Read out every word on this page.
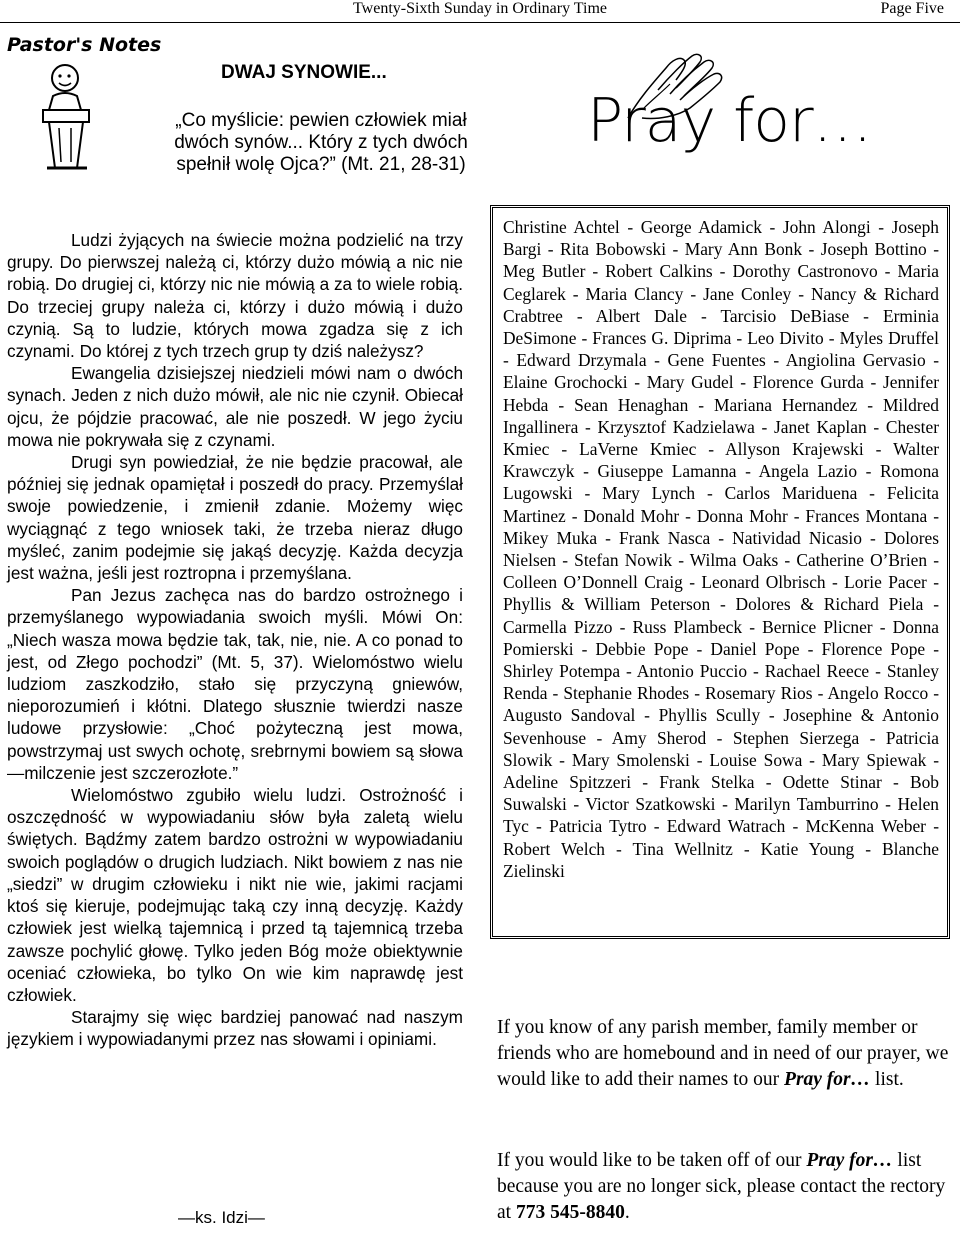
Twenty-Sixth Sunday in Ordinary Time	Page Five
Pastor's Notes
DWAJ SYNOWIE...
„Co myślicie: pewien człowiek miał dwóch synów... Który z tych dwóch spełnił wolę Ojca?” (Mt. 21, 28-31)

Ludzi żyjących na świecie można podzielić na trzy grupy. Do pierwszej należą ci, którzy dużo mówią a nic nie robią. Do drugiej ci, którzy nic nie mówią a za to wiele robią. Do trzeciej grupy należa ci, którzy i dużo mówią i dużo czynią. Są to ludzie, których mowa zgadza się z ich czynami. Do której z tych trzech grup ty dziś należysz?

Ewangelia dzisiejszej niedzieli mówi nam o dwóch synach. Jeden z nich dużo mówił, ale nic nie czynił. Obiecał ojcu, że pójdzie pracować, ale nie poszedł. W jego życiu mowa nie pokrywała się z czynami.

Drugi syn powiedział, że nie będzie pracował, ale później się jednak opamiętał i poszedł do pracy. Przemyślał swoje powiedzenie, i zmienił zdanie. Możemy więc wyciągnąć z tego wniosek taki, że trzeba nieraz długo myśleć, zanim podejmie się jakąś decyzję. Każda decyzja jest ważna, jeśli jest roztropna i przemyślana.

Pan Jezus zachęca nas do bardzo ostrożnego i przemyślanego wypowiadania swoich myśli. Mówi On: „Niech wasza mowa będzie tak, tak, nie, nie. A co ponad to jest, od Złego pochodzi” (Mt. 5, 37). Wielomóstwo wielu ludziom zaszkodziło, stało się przyczyną gniewów, nieporozumień i kłótni. Dlatego słusznie twierdzi nasze ludowe przysłowie: „Choć pożyteczną jest mowa, powstrzymaj ust swych ochotę, srebrnymi bowiem są słowa—milczenie jest szczerozłote.”

Wielomóstwo zgubiło wielu ludzi. Ostrożność i oszczędność w wypowiadaniu słów była zaletą wielu świętych. Bądźmy zatem bardzo ostrożni w wypowiadaniu swoich poglądów o drugich ludziach. Nikt bowiem z nas nie „siedzi” w drugim człowieku i nikt nie wie, jakimi racjami ktoś się kieruje, podejmując taką czy inną decyzję. Każdy człowiek jest wielką tajemnicą i przed tą tajemnicą trzeba zawsze pochylić głowę. Tylko jeden Bóg może obiektywnie oceniać człowieka, bo tylko On wie kim naprawdę jest człowiek.

Starajmy się więc bardziej panować nad naszym językiem i wypowiadanymi przez nas słowami i opiniami.

—ks. Idzi—
Pray for…
Christine Achtel - George Adamick - John Alongi - Joseph Bargi - Rita Bobowski - Mary Ann Bonk - Joseph Bottino - Meg Butler - Robert Calkins - Dorothy Castronovo - Maria Ceglarek - Maria Clancy - Jane Conley - Nancy & Richard Crabtree - Albert Dale - Tarcisio DeBiase - Erminia DeSimone - Frances G. Diprima - Leo Divito - Myles Druffel - Edward Drzymala - Gene Fuentes - Angiolina Gervasio - Elaine Grochocki - Mary Gudel - Florence Gurda - Jennifer Hebda - Sean Henaghan - Mariana Hernandez - Mildred Ingallinera - Krzysztof Kadzielawa - Janet Kaplan - Chester Kmiec - LaVerne Kmiec - Allyson Krajewski - Walter Krawczyk - Giuseppe Lamanna - Angela Lazio - Romona Lugowski - Mary Lynch - Carlos Mariduena - Felicita Martinez - Donald Mohr - Donna Mohr - Frances Montana - Mikey Muka - Frank Nasca - Natividad Nicasio - Dolores Nielsen - Stefan Nowik - Wilma Oaks - Catherine O’Brien - Colleen O’Donnell Craig - Leonard Olbrisch - Lorie Pacer - Phyllis & William Peterson - Dolores & Richard Piela - Carmella Pizzo - Russ Plambeck - Bernice Plicner - Donna Pomierski - Debbie Pope - Daniel Pope - Florence Pope - Shirley Potempa - Antonio Puccio - Rachael Reece - Stanley Renda - Stephanie Rhodes - Rosemary Rios - Angelo Rocco - Augusto Sandoval - Phyllis Scully - Josephine & Antonio Sevenhouse - Amy Sherod - Stephen Sierzega - Patricia Slowik - Mary Smolenski - Louise Sowa - Mary Spiewak - Adeline Spitzzeri - Frank Stelka - Odette Stinar - Bob Suwalski - Victor Szatkowski - Marilyn Tamburrino - Helen Tyc - Patricia Tytro - Edward Watrach - McKenna Weber - Robert Welch - Tina Wellnitz - Katie Young - Blanche Zielinski
If you know of any parish member, family member or friends who are homebound and in need of our prayer, we would like to add their names to our Pray for… list.
If you would like to be taken off of our Pray for… list because you are no longer sick, please contact the rectory at 773 545-8840.
